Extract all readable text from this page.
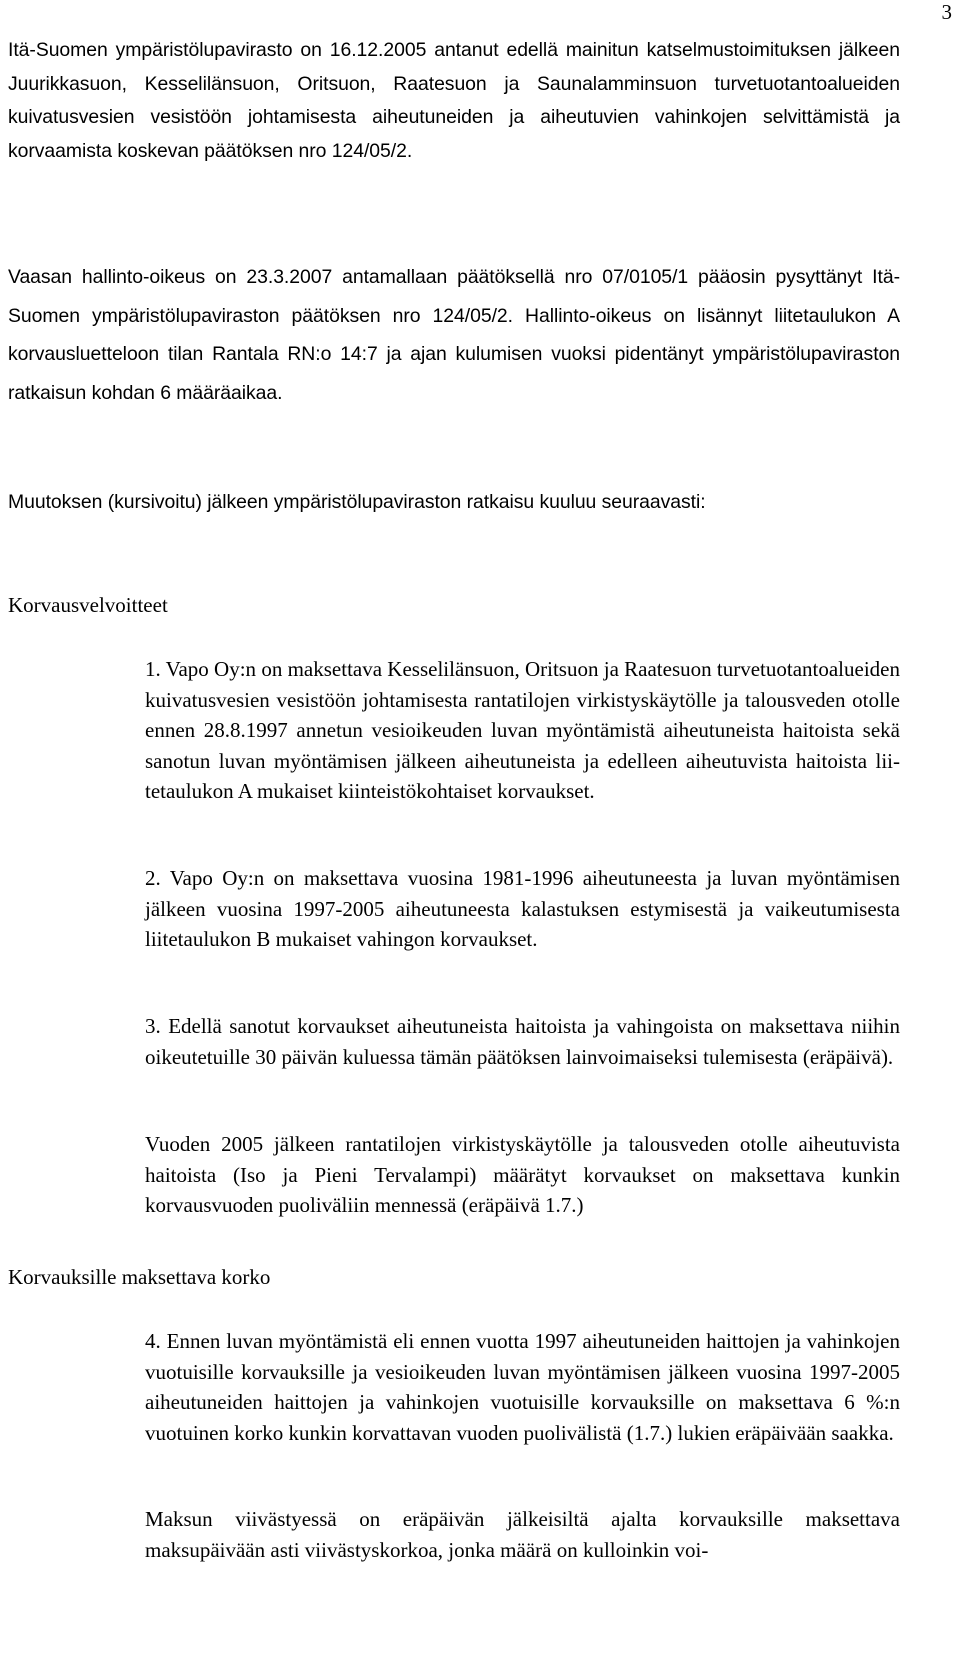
3

Itä-Suomen ympäristölupavirasto on 16.12.2005 antanut edellä mainitun katselmustoimituksen jälkeen Juurikkasuon, Kesselilänsuon, Oritsuon, Raatesuon ja Saunalamminsuon turvetuotantoalueiden kuivatusvesien vesistöön johtamisesta aiheutuneiden ja aiheutuvien vahinkojen selvittämistä ja korvaamista koskevan päätöksen nro 124/05/2.

Vaasan hallinto-oikeus on 23.3.2007 antamallaan päätöksellä nro 07/0105/1 pääosin pysyttänyt Itä-Suomen ympäristölupaviraston päätöksen nro 124/05/2. Hallinto-oikeus on lisännyt liitetaulukon A korvausluetteloon tilan Rantala RN:o 14:7 ja ajan kulumisen vuoksi pidentänyt ympäristölupaviraston ratkaisun kohdan 6 määräaikaa.

Muutoksen (kursivoitu) jälkeen ympäristölupaviraston ratkaisu kuuluu seuraavasti:

Korvausvelvoitteet

1. Vapo Oy:n on maksettava Kesselilänsuon, Oritsuon ja Raatesuon turvetuotantoalueiden kuivatusvesien vesistöön johtamisesta rantatilojen virkistyskäytölle ja talousveden otolle ennen 28.8.1997 annetun vesioikeuden luvan myöntämistä aiheutuneista haitoista sekä sanotun luvan myöntämisen jälkeen aiheutuneista ja edelleen aiheutuvista haitoista liitetaulukon A mukaiset kiinteistökohtaiset korvaukset.

2. Vapo Oy:n on maksettava vuosina 1981-1996 aiheutuneesta ja luvan myöntämisen jälkeen vuosina 1997-2005 aiheutuneesta kalastuksen estymisestä ja vaikeutumisesta liitetaulukon B mukaiset vahingon korvaukset.

3. Edellä sanotut korvaukset aiheutuneista haitoista ja vahingoista on maksettava niihin oikeutetuille 30 päivän kuluessa tämän päätöksen lainvoimaiseksi tulemisesta (eräpäivä).

Vuoden 2005 jälkeen rantatilojen virkistyskäytölle ja talousveden otolle aiheutuvista haitoista (Iso ja Pieni Tervalampi) määrätyt korvaukset on maksettava kunkin korvausvuoden puoliväliin mennessä (eräpäivä 1.7.)

Korvauksille maksettava korko

4. Ennen luvan myöntämistä eli ennen vuotta 1997 aiheutuneiden haittojen ja vahinkojen vuotuisille korvauksille ja vesioikeuden luvan myöntämisen jälkeen vuosina 1997-2005 aiheutuneiden haittojen ja vahinkojen vuotuisille korvauksille on maksettava 6 %:n vuotuinen korko kunkin korvattavan vuoden puolivälistä (1.7.) lukien eräpäivään saakka.

Maksun viivästyessä on eräpäivän jälkeisiltä ajalta korvauksille maksettava maksupäivään asti viivästyskorkoa, jonka määrä on kulloinkin voi-
